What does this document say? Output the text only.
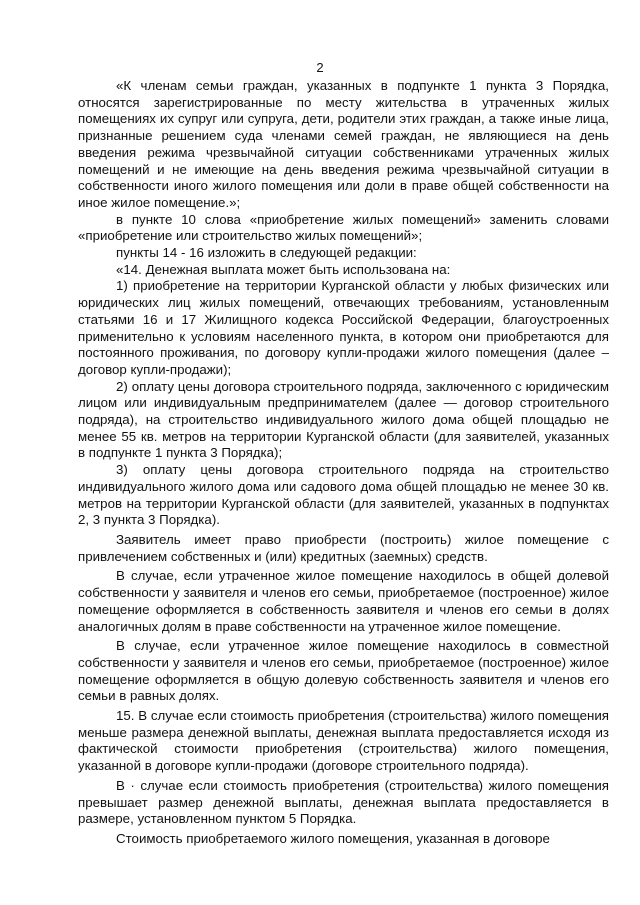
2

«К членам семьи граждан, указанных в подпункте 1 пункта 3 Порядка, относятся зарегистрированные по месту жительства в утраченных жилых помещениях их супруг или супруга, дети, родители этих граждан, а также иные лица, признанные решением суда членами семей граждан, не являющиеся на день введения режима чрезвычайной ситуации собственниками утраченных жилых помещений и не имеющие на день введения режима чрезвычайной ситуации в собственности иного жилого помещения или доли в праве общей собственности на иное жилое помещение.»;

в пункте 10 слова «приобретение жилых помещений» заменить словами «приобретение или строительство жилых помещений»;

пункты 14 - 16 изложить в следующей редакции:

«14. Денежная выплата может быть использована на:

1) приобретение на территории Курганской области у любых физических или юридических лиц жилых помещений, отвечающих требованиям, установленным статьями 16 и 17 Жилищного кодекса Российской Федерации, благоустроенных применительно к условиям населенного пункта, в котором они приобретаются для постоянного проживания, по договору купли-продажи жилого помещения (далее – договор купли-продажи);

2) оплату цены договора строительного подряда, заключенного с юридическим лицом или индивидуальным предпринимателем (далее — договор строительного подряда), на строительство индивидуального жилого дома общей площадью не менее 55 кв. метров на территории Курганской области (для заявителей, указанных в подпункте 1 пункта 3 Порядка);

3) оплату цены договора строительного подряда на строительство индивидуального жилого дома или садового дома общей площадью не менее 30 кв. метров на территории Курганской области (для заявителей, указанных в подпунктах 2, 3 пункта 3 Порядка).

Заявитель имеет право приобрести (построить) жилое помещение с привлечением собственных и (или) кредитных (заемных) средств.

В случае, если утраченное жилое помещение находилось в общей долевой собственности у заявителя и членов его семьи, приобретаемое (построенное) жилое помещение оформляется в собственность заявителя и членов его семьи в долях аналогичных долям в праве собственности на утраченное жилое помещение.

В случае, если утраченное жилое помещение находилось в совместной собственности у заявителя и членов его семьи, приобретаемое (построенное) жилое помещение оформляется в общую долевую собственность заявителя и членов его семьи в равных долях.

15. В случае если стоимость приобретения (строительства) жилого помещения меньше размера денежной выплаты, денежная выплата предоставляется исходя из фактической стоимости приобретения (строительства) жилого помещения, указанной в договоре купли-продажи (договоре строительного подряда).

В · случае если стоимость приобретения (строительства) жилого помещения превышает размер денежной выплаты, денежная выплата предоставляется в размере, установленном пунктом 5 Порядка.

Стоимость приобретаемого жилого помещения, указанная в договоре
